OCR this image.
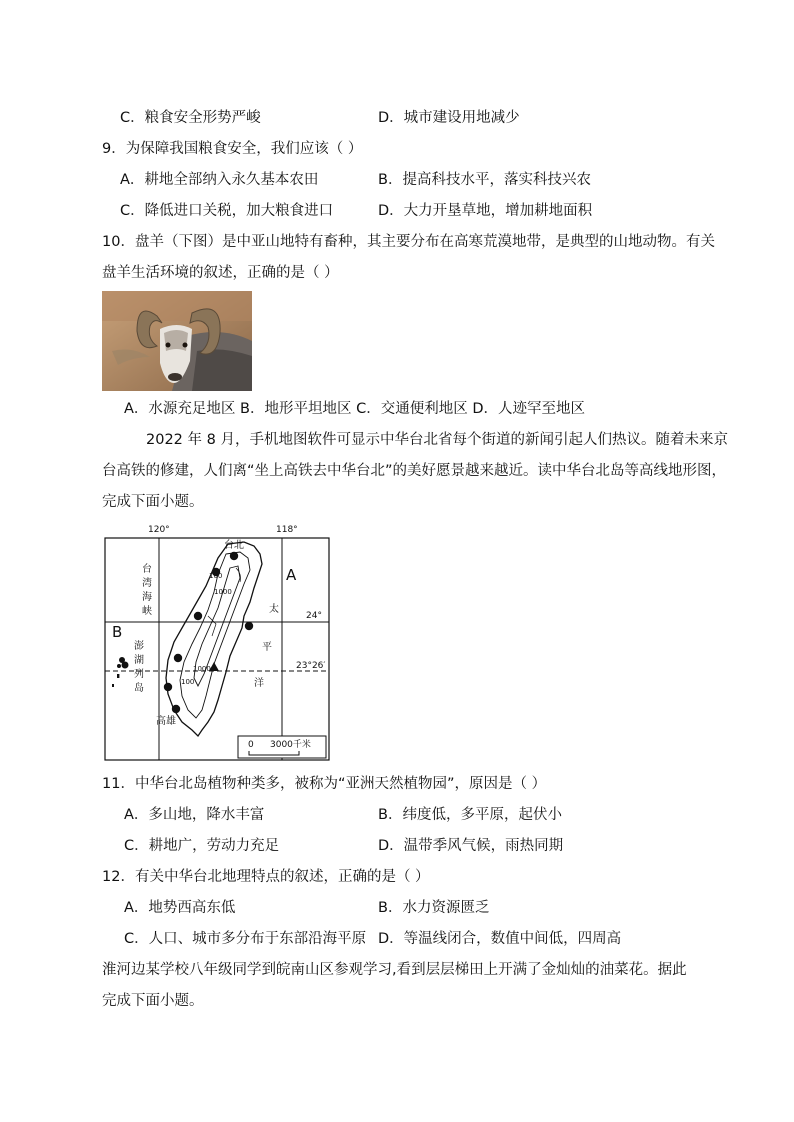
C．粮食安全形势严峻	D．城市建设用地减少
9．为保障我国粮食安全，我们应该（ ）
A．耕地全部纳入永久基本农田	B．提高科技水平，落实科技兴农
C．降低进口关税，加大粮食进口	D．大力开垦草地，增加耕地面积
10．盘羊（下图）是中亚山地特有畜种，其主要分布在高寒荒漠地带，是典型的山地动物。有关
盘羊生活环境的叙述，正确的是（ ）
A．水源充足地区 B．地形平坦地区 C．交通便利地区 D．人迹罕至地区
2022 年 8 月，手机地图软件可显示中华台北省每个街道的新闻引起人们热议。随着未来京
台高铁的修建，人们离“坐上高铁去中华台北”的美好愿景越来越近。读中华台北岛等高线地形图，
完成下面小题。
120°	118°
24°
23°26′
A
B
台北
高雄
台
湾
海
峡
澎
湖
列
岛
太
平
洋
100
1000
1000
100
0 3000千米
11．中华台北岛植物种类多，被称为“亚洲天然植物园”，原因是（ ）
A．多山地，降水丰富	B．纬度低，多平原，起伏小
C．耕地广，劳动力充足	D．温带季风气候，雨热同期
12．有关中华台北地理特点的叙述，正确的是（ ）
A．地势西高东低	B．水力资源匮乏
C．人口、城市多分布于东部沿海平原 D．等温线闭合，数值中间低，四周高
淮河边某学校八年级同学到皖南山区参观学习,看到层层梯田上开满了金灿灿的油菜花。据此
完成下面小题。
